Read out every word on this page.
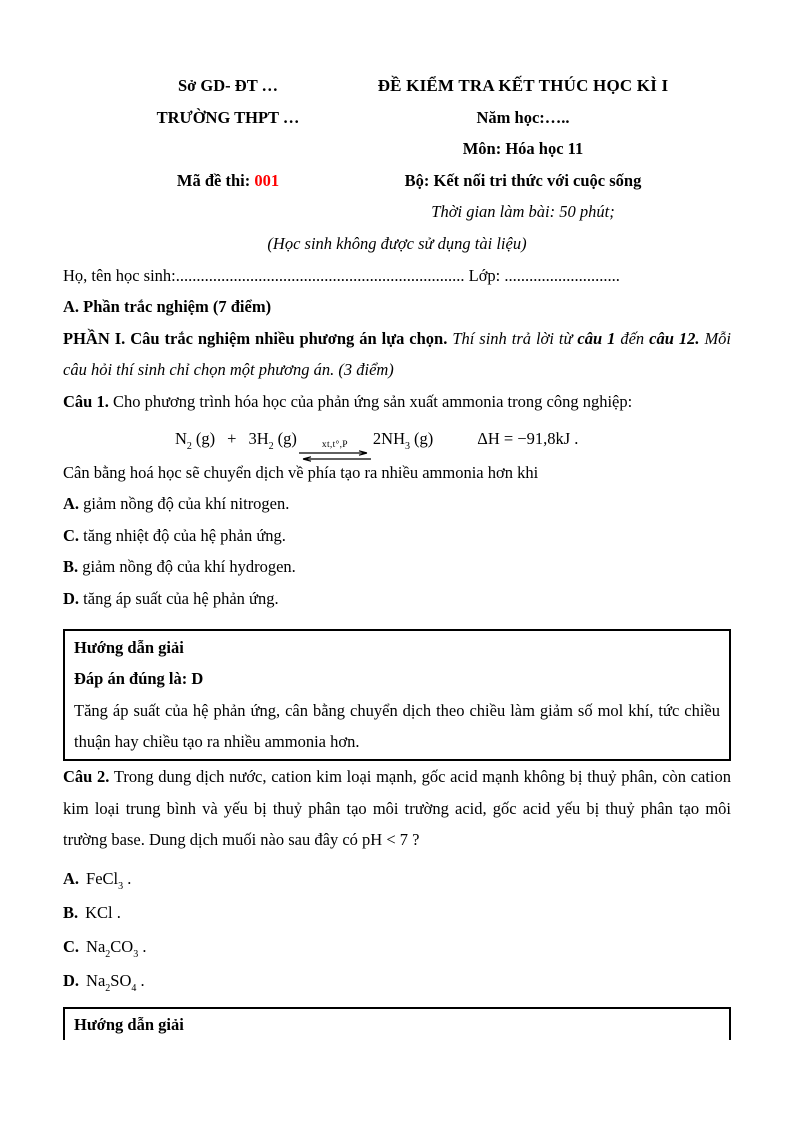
Sở GD- ĐT …

TRƯỜNG THPT …

Mã đề thi: 001

ĐỀ KIỂM TRA KẾT THÚC HỌC KÌ I

Năm học:…..

Môn: Hóa học 11

Bộ: Kết nối tri thức với cuộc sống

Thời gian làm bài: 50 phút;

(Học sinh không được sử dụng tài liệu)

Họ, tên học sinh:...................................................................... Lớp: ............................

A. Phần trắc nghiệm (7 điểm)

PHẦN I. Câu trắc nghiệm nhiều phương án lựa chọn. Thí sinh trả lời từ câu 1 đến câu 12. Mỗi câu hỏi thí sinh chỉ chọn một phương án. (3 điểm)

Câu 1. Cho phương trình hóa học của phản ứng sản xuất ammonia trong công nghiệp:

$N_2$ $(g) + 3H_2$ (g)	xt,t°,P $2NH_3$ (g)	ΔH = −91,8kJ .

Cân bằng hoá học sẽ chuyển dịch về phía tạo ra nhiều ammonia hơn khi

A. giảm nồng độ của khí nitrogen.

C. tăng nhiệt độ của hệ phản ứng.

B. giảm nồng độ của khí hydrogen.

D. tăng áp suất của hệ phản ứng.

Hướng dẫn giải

Đáp án đúng là: D

Tăng áp suất của hệ phản ứng, cân bằng chuyển dịch theo chiều làm giảm số mol khí, tức chiều thuận hay chiều tạo ra nhiều ammonia hơn.

Câu 2. Trong dung dịch nước, cation kim loại mạnh, gốc acid mạnh không bị thuỷ phân, còn cation kim loại trung bình và yếu bị thuỷ phân tạo môi trường acid, gốc acid yếu bị thuỷ phân tạo môi trường base. Dung dịch muối nào sau đây có pH < 7 ?

A. FeCl$_3$ .

B. KCl .

C. $Na_2CO_3$ .

D. $Na_2SO_4$ .

Hướng dẫn giải
